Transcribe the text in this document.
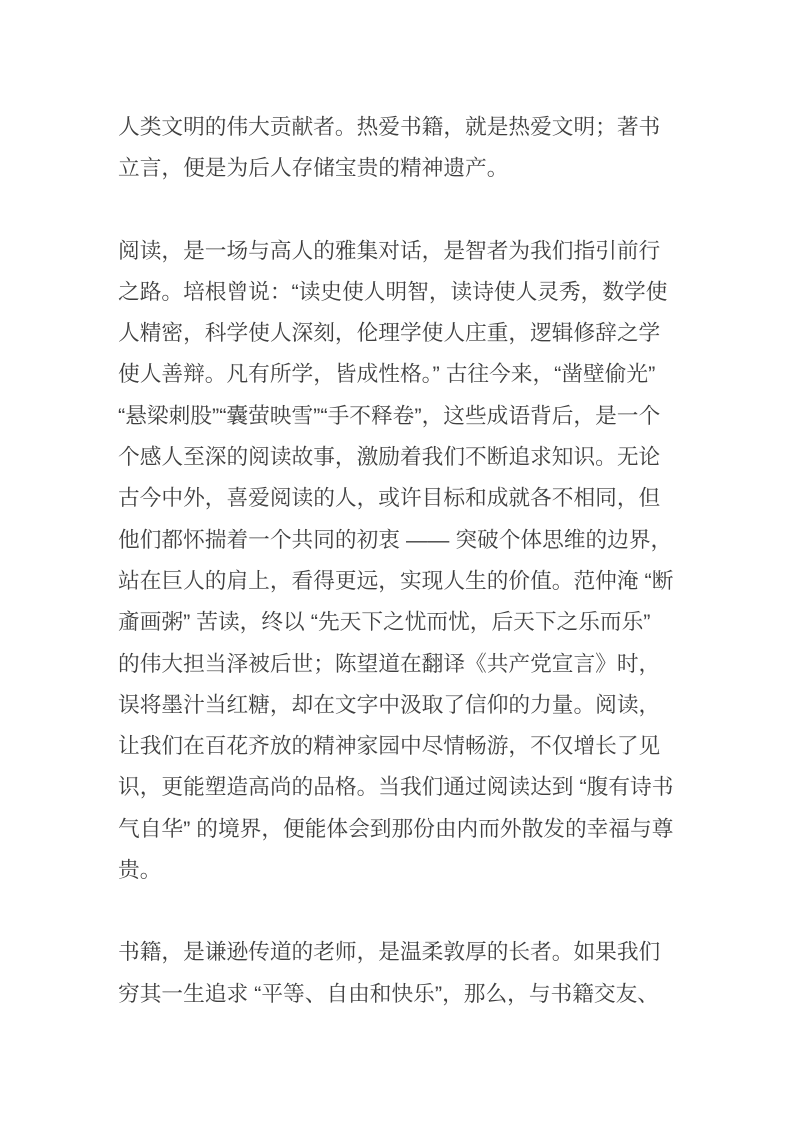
人类文明的伟大贡献者。热爱书籍，就是热爱文明；著书
立言，便是为后人存储宝贵的精神遗产。

阅读，是一场与高人的雅集对话，是智者为我们指引前行
之路。培根曾说：“读史使人明智，读诗使人灵秀，数学使
人精密，科学使人深刻，伦理学使人庄重，逻辑修辞之学
使人善辩。凡有所学，皆成性格。” 古往今来，“凿壁偷光”
“悬梁刺股”“囊萤映雪”“手不释卷”，这些成语背后，是一个
个感人至深的阅读故事，激励着我们不断追求知识。无论
古今中外，喜爱阅读的人，或许目标和成就各不相同，但
他们都怀揣着一个共同的初衷 —— 突破个体思维的边界，
站在巨人的肩上，看得更远，实现人生的价值。范仲淹 “断
齑画粥” 苦读，终以 “先天下之忧而忧，后天下之乐而乐”
的伟大担当泽被后世；陈望道在翻译《共产党宣言》时，
误将墨汁当红糖，却在文字中汲取了信仰的力量。阅读，
让我们在百花齐放的精神家园中尽情畅游，不仅增长了见
识，更能塑造高尚的品格。当我们通过阅读达到 “腹有诗书
气自华” 的境界，便能体会到那份由内而外散发的幸福与尊
贵。

书籍，是谦逊传道的老师，是温柔敦厚的长者。如果我们
穷其一生追求 “平等、自由和快乐”，那么，与书籍交友、
